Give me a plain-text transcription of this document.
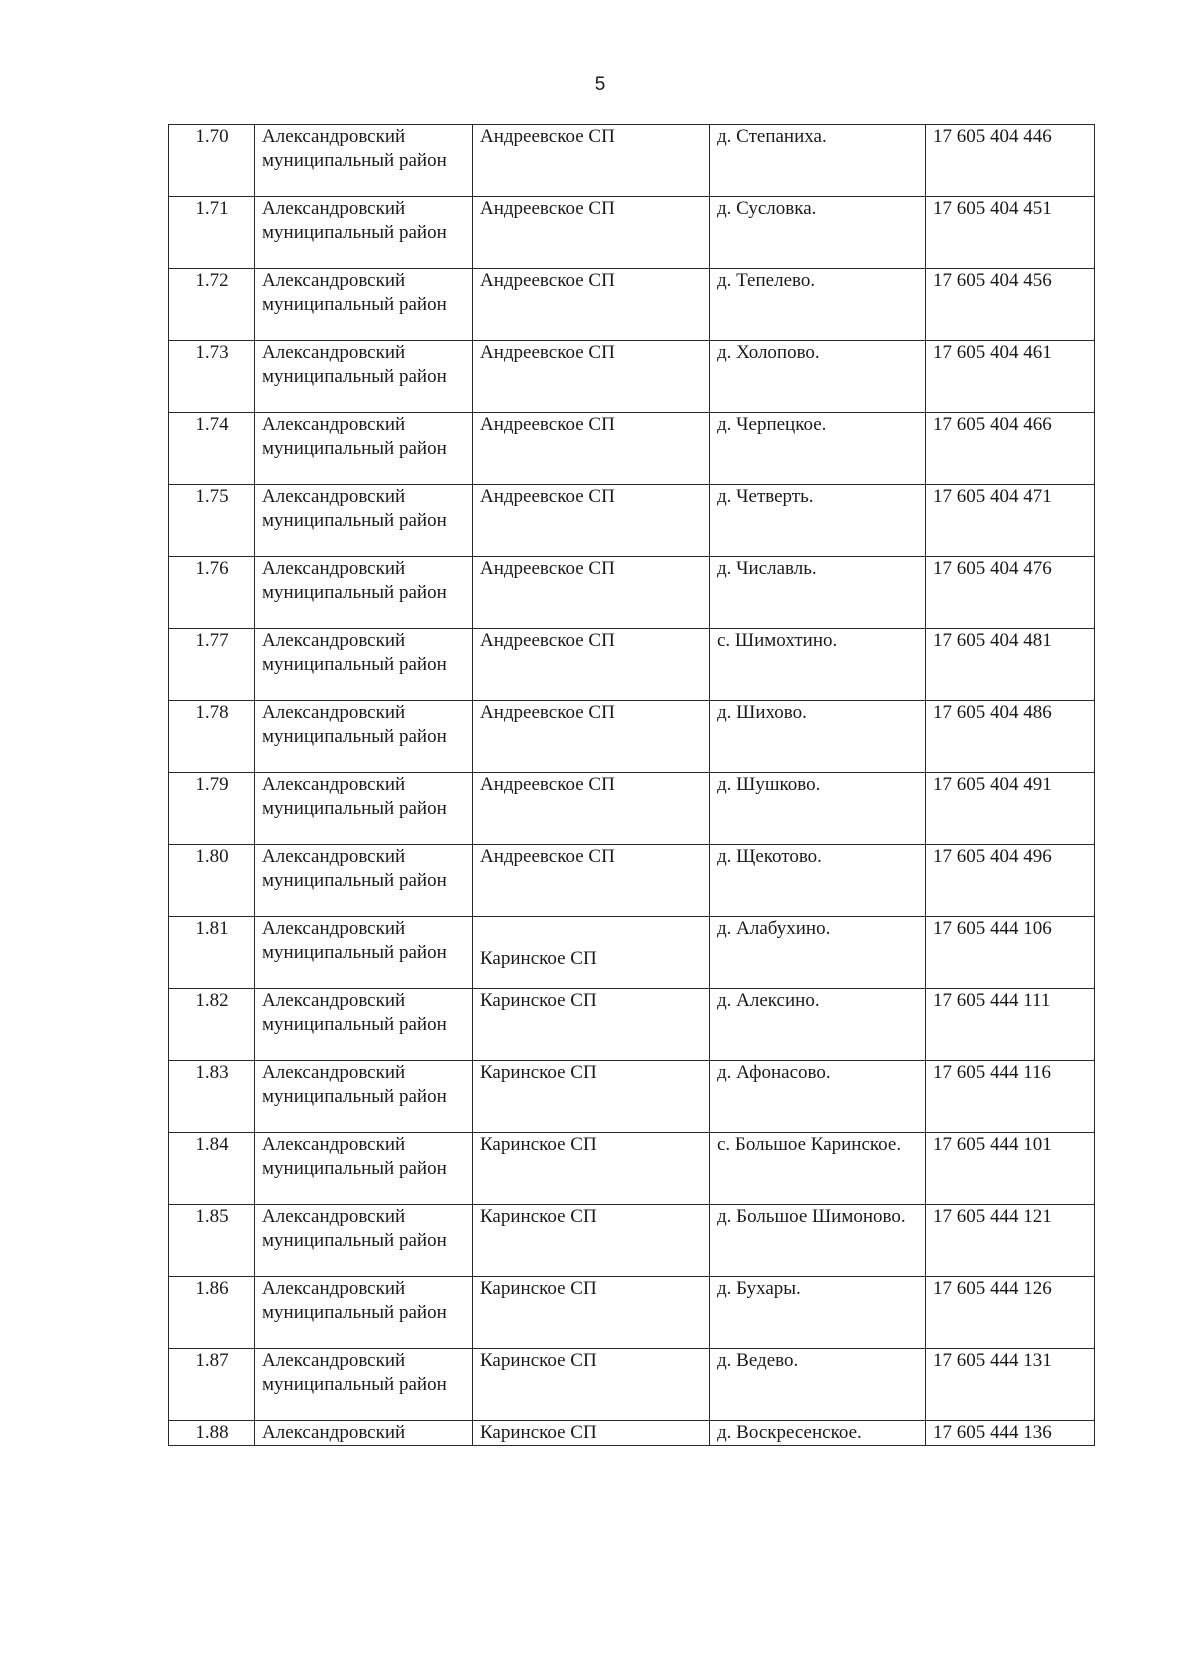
5
1.70	Александровский муниципальный район	Андреевское СП	д. Степаниха.	17 605 404 446
1.71	Александровский муниципальный район	Андреевское СП	д. Сусловка.	17 605 404 451
1.72	Александровский муниципальный район	Андреевское СП	д. Тепелево.	17 605 404 456
1.73	Александровский муниципальный район	Андреевское СП	д. Холопово.	17 605 404 461
1.74	Александровский муниципальный район	Андреевское СП	д. Черпецкое.	17 605 404 466
1.75	Александровский муниципальный район	Андреевское СП	д. Четверть.	17 605 404 471
1.76	Александровский муниципальный район	Андреевское СП	д. Числавль.	17 605 404 476
1.77	Александровский муниципальный район	Андреевское СП	с. Шимохтино.	17 605 404 481
1.78	Александровский муниципальный район	Андреевское СП	д. Шихово.	17 605 404 486
1.79	Александровский муниципальный район	Андреевское СП	д. Шушково.	17 605 404 491
1.80	Александровский муниципальный район	Андреевское СП	д. Щекотово.	17 605 404 496
1.81	Александровский муниципальный район	Каринское СП	д. Алабухино.	17 605 444 106
1.82	Александровский муниципальный район	Каринское СП	д. Алексино.	17 605 444 111
1.83	Александровский муниципальный район	Каринское СП	д. Афонасово.	17 605 444 116
1.84	Александровский муниципальный район	Каринское СП	с. Большое Каринское.	17 605 444 101
1.85	Александровский муниципальный район	Каринское СП	д. Большое Шимоново.	17 605 444 121
1.86	Александровский муниципальный район	Каринское СП	д. Бухары.	17 605 444 126
1.87	Александровский муниципальный район	Каринское СП	д. Ведево.	17 605 444 131
1.88	Александровский	Каринское СП	д. Воскресенское.	17 605 444 136
